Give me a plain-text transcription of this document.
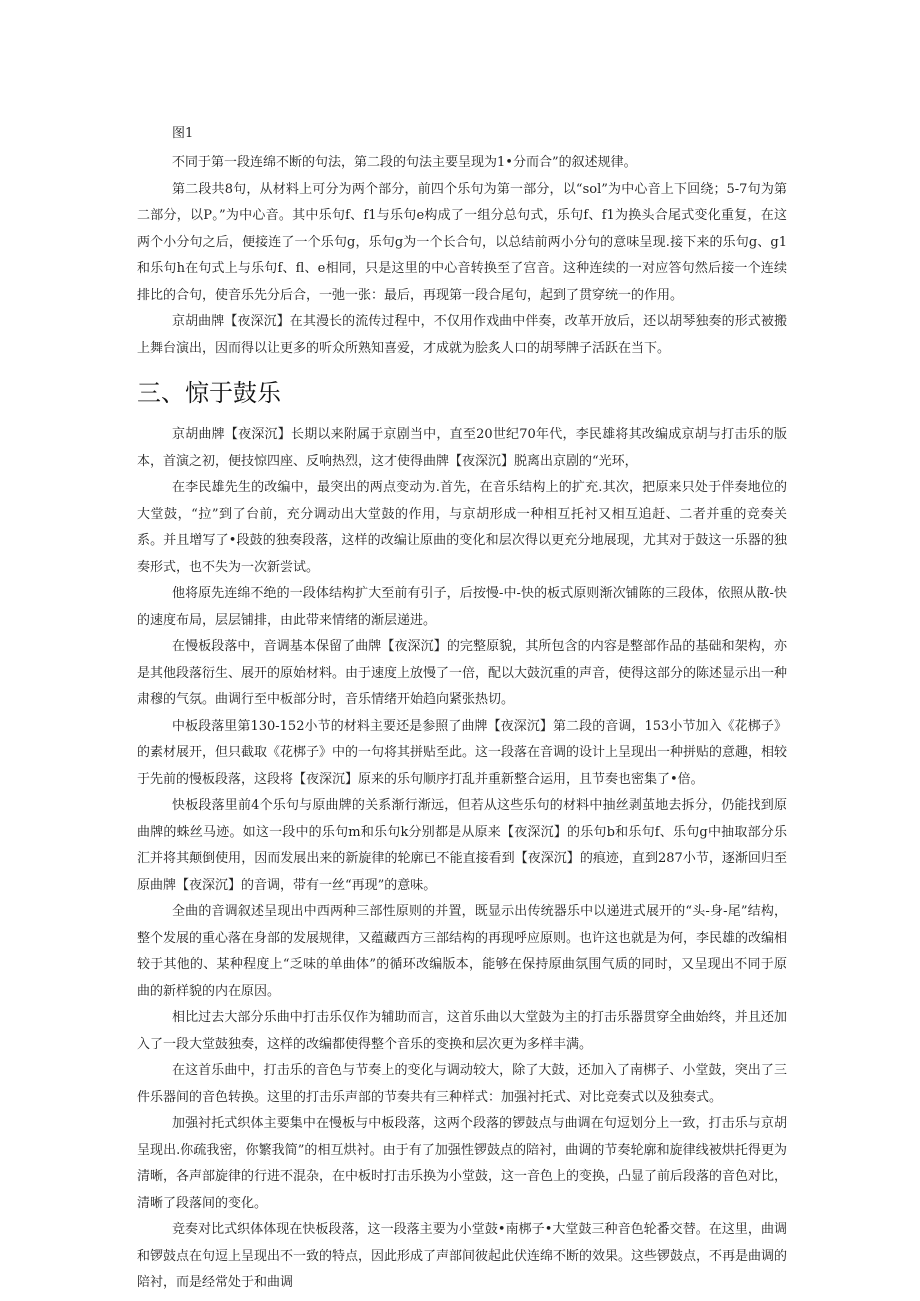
图1

不同于第一段连绵不断的句法，第二段的句法主要呈现为1•分而合”的叙述规律。

第二段共8句，从材料上可分为两个部分，前四个乐句为第一部分，以“sol”为中心音上下回绕；5-7句为第二部分，以P。”为中心音。其中乐句f、f1与乐句e构成了一组分总句式，乐句f、f1为换头合尾式变化重复，在这两个小分句之后，便接连了一个乐句g，乐句g为一个长合句，以总结前两小分句的意味呈现.接下来的乐句g、g1和乐句h在句式上与乐句f、fl、e相同，只是这里的中心音转换至了宫音。这种连续的一对应答句然后接一个连续排比的合句，使音乐先分后合，一弛一张：最后，再现第一段合尾句，起到了贯穿统一的作用。

京胡曲牌【夜深沉】在其漫长的流传过程中，不仅用作戏曲中伴奏，改革开放后，还以胡琴独奏的形式被搬上舞台演出，因而得以让更多的听众所熟知喜爱，才成就为脍炙人口的胡琴牌子活跃在当下。

三、惊于鼓乐

京胡曲牌【夜深沉】长期以来附属于京剧当中，直至20世纪70年代，李民雄将其改编成京胡与打击乐的版本，首演之初，便技惊四座、反响热烈，这才使得曲牌【夜深沉】脱离出京剧的“光环，

在李民雄先生的改编中，最突出的两点变动为.首先，在音乐结构上的扩充.其次，把原来只处于伴奏地位的大堂鼓，“拉”到了台前，充分调动出大堂鼓的作用，与京胡形成一种相互托衬又相互追赶、二者并重的竞奏关系。并且增写了•段鼓的独奏段落，这样的改编让原曲的变化和层次得以更充分地展现，尤其对于鼓这一乐器的独奏形式，也不失为一次新尝试。

他将原先连绵不绝的一段体结构扩大至前有引子，后按慢-中-快的板式原则渐次铺陈的三段体，依照从散-快的速度布局，层层铺排，由此带来情绪的渐层递进。

在慢板段落中，音调基本保留了曲牌【夜深沉】的完整原貌，其所包含的内容是整部作品的基础和架构，亦是其他段落衍生、展开的原始材料。由于速度上放慢了一倍，配以大鼓沉重的声音，使得这部分的陈述显示出一种肃穆的气氛。曲调行至中板部分时，音乐情绪开始趋向紧张热切。

中板段落里第130-152小节的材料主要还是参照了曲牌【夜深沉】第二段的音调，153小节加入《花梆子》的素材展开，但只截取《花梆子》中的一句将其拼贴至此。这一段落在音调的设计上呈现出一种拼贴的意趣，相较于先前的慢板段落，这段将【夜深沉】原来的乐句顺序打乱并重新整合运用，且节奏也密集了•倍。

快板段落里前4个乐句与原曲牌的关系渐行渐远，但若从这些乐句的材料中抽丝剥茧地去拆分，仍能找到原曲牌的蛛丝马迹。如这一段中的乐句m和乐句k分别都是从原来【夜深沉】的乐句b和乐句f、乐句g中抽取部分乐汇并将其颠倒使用，因而发展出来的新旋律的轮廓已不能直接看到【夜深沉】的痕迹，直到287小节，逐渐回归至原曲牌【夜深沉】的音调，带有一丝“再现”的意味。

全曲的音调叙述呈现出中西两种三部性原则的并置，既显示出传统器乐中以递进式展开的“头-身-尾”结构，整个发展的重心落在身部的发展规律，又蕴藏西方三部结构的再现呼应原则。也许这也就是为何，李民雄的改编相较于其他的、某种程度上“乏味的单曲体”的循环改编版本，能够在保持原曲氛围气质的同时，又呈现出不同于原曲的新样貌的内在原因。

相比过去大部分乐曲中打击乐仅作为辅助而言，这首乐曲以大堂鼓为主的打击乐器贯穿全曲始终，并且还加入了一段大堂鼓独奏，这样的改编都使得整个音乐的变换和层次更为多样丰满。

在这首乐曲中，打击乐的音色与节奏上的变化与调动较大，除了大鼓，还加入了南梆子、小堂鼓，突出了三件乐器间的音色转换。这里的打击乐声部的节奏共有三种样式：加强衬托式、对比竞奏式以及独奏式。

加强衬托式织体主要集中在慢板与中板段落，这两个段落的锣鼓点与曲调在句逗划分上一致，打击乐与京胡呈现出.你疏我密，你繁我简”的相互烘衬。由于有了加强性锣鼓点的陪衬，曲调的节奏轮廓和旋律线被烘托得更为清晰，各声部旋律的行进不混杂，在中板时打击乐换为小堂鼓，这一音色上的变换，凸显了前后段落的音色对比，清晰了段落间的变化。

竞奏对比式织体体现在快板段落，这一段落主要为小堂鼓•南梆子•大堂鼓三种音色轮番交替。在这里，曲调和锣鼓点在句逗上呈现出不一致的特点，因此形成了声部间彼起此伏连绵不断的效果。这些锣鼓点，不再是曲调的陪衬，而是经常处于和曲调
